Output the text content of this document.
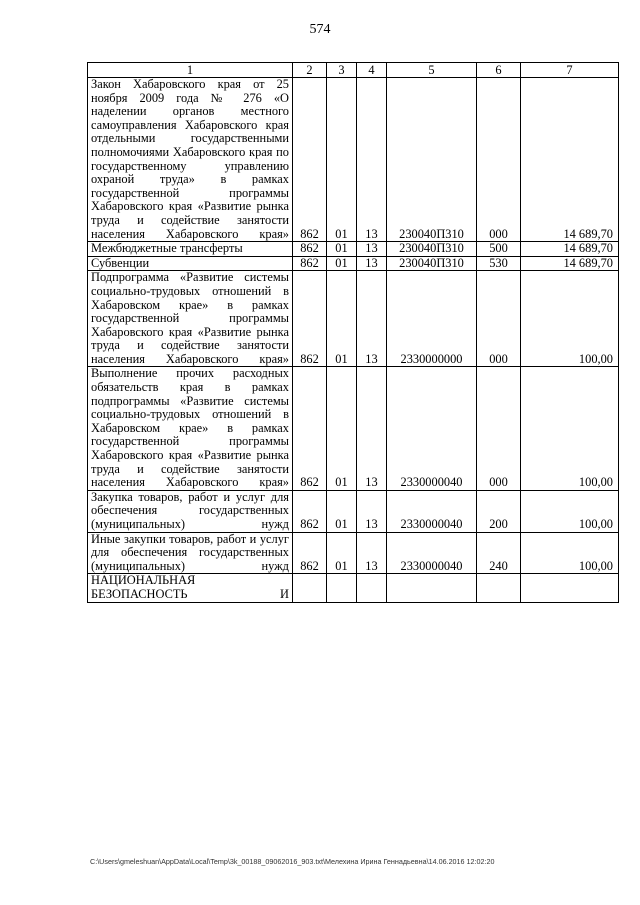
574
1	2	3	4	5	6	7
Закон Хабаровского края от 25 ноября 2009 года № 276 «О наделении органов местного самоуправления Хабаровского края отдельными государственными полномочиями Хабаровского края по государственному управлению охраной труда» в рамках государственной программы Хабаровского края «Развитие рынка труда и содействие занятости населения Хабаровского края»	862	01	13	230040П310	000	14 689,70
Межбюджетные трансферты	862	01	13	230040П310	500	14 689,70
Субвенции	862	01	13	230040П310	530	14 689,70
Подпрограмма «Развитие системы социально-трудовых отношений в Хабаровском крае» в рамках государственной программы Хабаровского края «Развитие рынка труда и содействие занятости населения Хабаровского края»	862	01	13	2330000000	000	100,00
Выполнение прочих расходных обязательств края в рамках подпрограммы «Развитие системы социально-трудовых отношений в Хабаровском крае» в рамках государственной программы Хабаровского края «Развитие рынка труда и содействие занятости населения Хабаровского края»	862	01	13	2330000040	000	100,00
Закупка товаров, работ и услуг для обеспечения государственных (муниципальных) нужд	862	01	13	2330000040	200	100,00
Иные закупки товаров, работ и услуг для обеспечения государственных (муниципальных) нужд	862	01	13	2330000040	240	100,00
НАЦИОНАЛЬНАЯ БЕЗОПАСНОСТЬ И						
C:\Users\gmeleshuan\AppData\Local\Temp\3k_00188_09062016_903.txt\Мелехина Ирина Геннадьевна\14.06.2016 12:02:20
